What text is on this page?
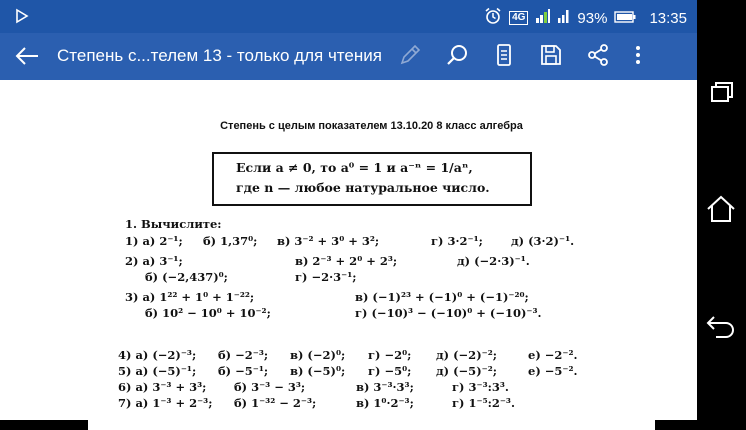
4G	93%	13:35
Степень с...телем 13 - только для чтения
Степень с целым показателем 13.10.20 8 класс алгебра
Если a ≠ 0, то a⁰ = 1 и a⁻ⁿ = 1/aⁿ,
где n — любое натуральное число.
1. Вычислите:
1) а) 2⁻¹; б) 1,37⁰; в) 3⁻² + 3⁰ + 3²;	г) 3·2⁻¹; д) (3·2)⁻¹.
2) а) 3⁻¹;	в) 2⁻³ + 2⁰ + 2³;	д) (−2·3)⁻¹.
б) (−2,437)⁰;	г) −2·3⁻¹;
3) а) 1²² + 1⁰ + 1⁻²²;	в) (−1)²³ + (−1)⁰ + (−1)⁻²⁰;
б) 10² − 10⁰ + 10⁻²;	г) (−10)³ − (−10)⁰ + (−10)⁻³.
4) а) (−2)⁻³; б) −2⁻³; в) (−2)⁰; г) −2⁰; д) (−2)⁻²;	е) −2⁻².
5) а) (−5)⁻¹; б) −5⁻¹; в) (−5)⁰; г) −5⁰; д) (−5)⁻²;	е) −5⁻².
6) а) 3⁻³ + 3³; б) 3⁻³ − 3³;	в) 3⁻³·3³;	г) 3⁻³:3³.
7) а) 1⁻³ + 2⁻³; б) 1⁻³² − 2⁻³;	в) 1⁰·2⁻³;	г) 1⁻⁵:2⁻³.
